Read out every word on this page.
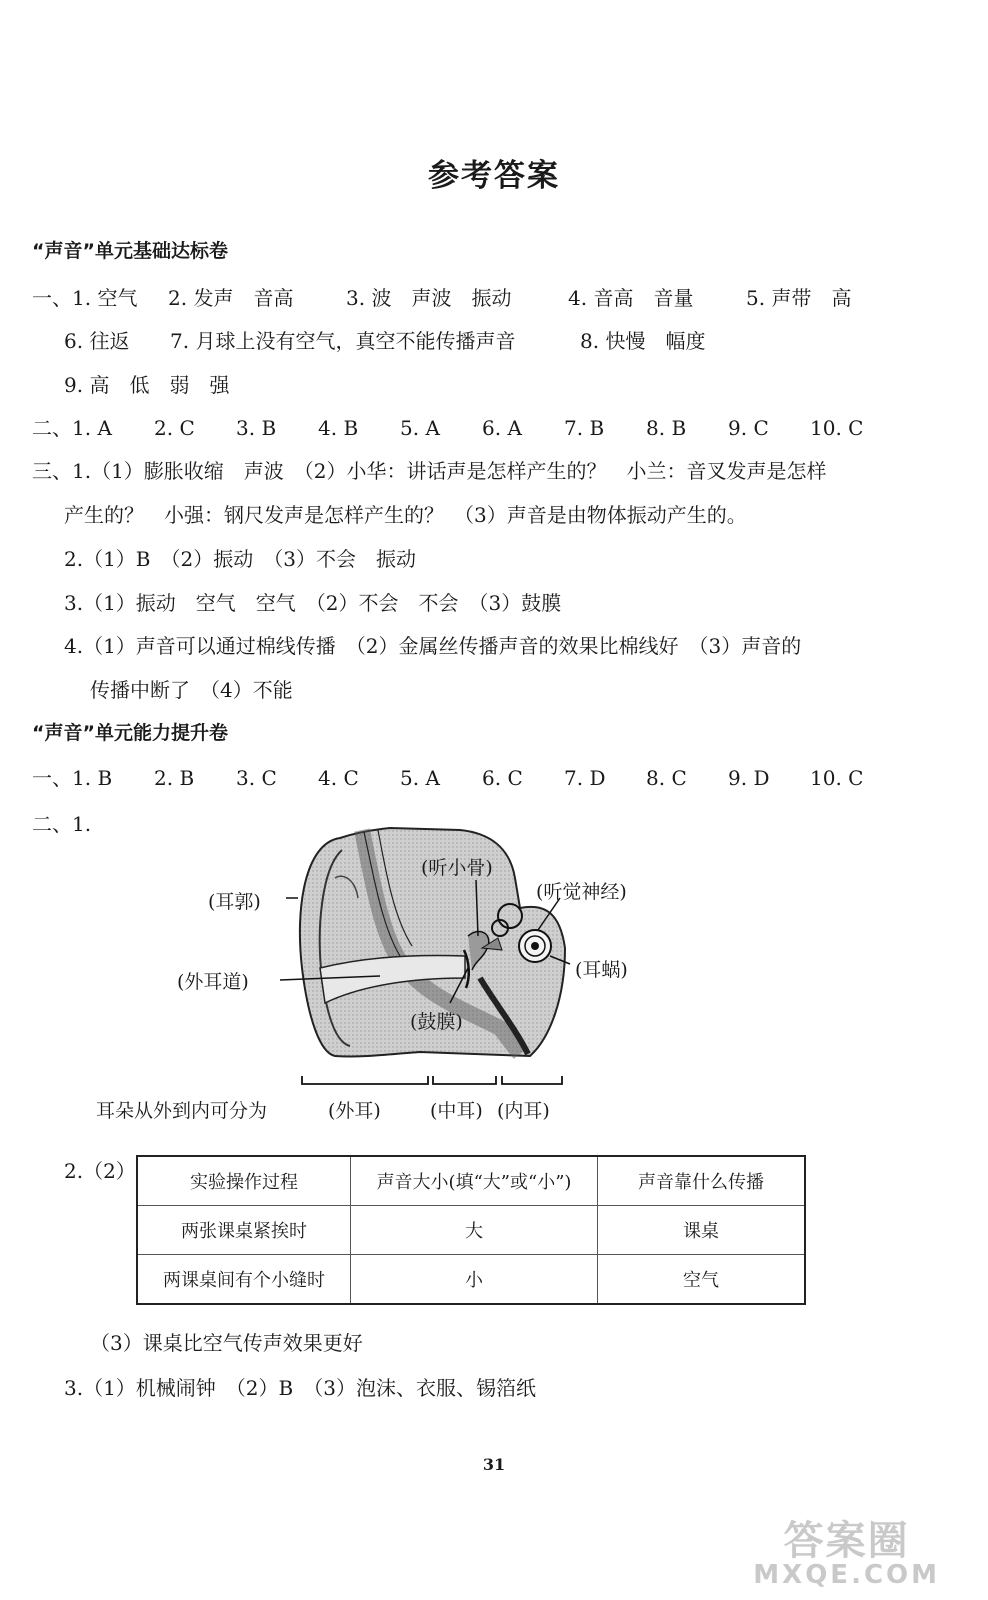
参考答案
“声音”单元基础达标卷
一、1. 空气 2. 发声　音高	3. 波　声波　振动	4. 音高　音量	5. 声带　高
6. 往返 7. 月球上没有空气，真空不能传播声音	8. 快慢　幅度
9. 高　低　弱　强
二、1. A 2. C 3. B 4. B 5. A 6. A 7. B 8. B 9. C 10. C
三、1.（1）膨胀收缩　声波　（2）小华：讲话声是怎样产生的？　小兰：音叉发声是怎样
产生的？　小强：钢尺发声是怎样产生的？　（3）声音是由物体振动产生的。
2.（1）B　（2）振动　（3）不会　振动
3.（1）振动　空气　空气　（2）不会　不会　（3）鼓膜
4.（1）声音可以通过棉线传播　（2）金属丝传播声音的效果比棉线好　（3）声音的
传播中断了　（4）不能
“声音”单元能力提升卷
一、1. B 2. B 3. C 4. C 5. A 6. C 7. D 8. C 9. D 10. C
二、1.
(耳郭)
(外耳道)
(听小骨)
(听觉神经)
(耳蜗)
(鼓膜)
耳朵从外到内可分为	(外耳)	(中耳) (内耳)
2.（2）	实验操作过程	声音大小(填“大”或“小”)	声音靠什么传播
两张课桌紧挨时	大	课桌
两课桌间有个小缝时	小	空气
（3）课桌比空气传声效果更好
3.（1）机械闹钟　（2）B　（3）泡沫、衣服、锡箔纸
31
答案圈
MXQE.COM
